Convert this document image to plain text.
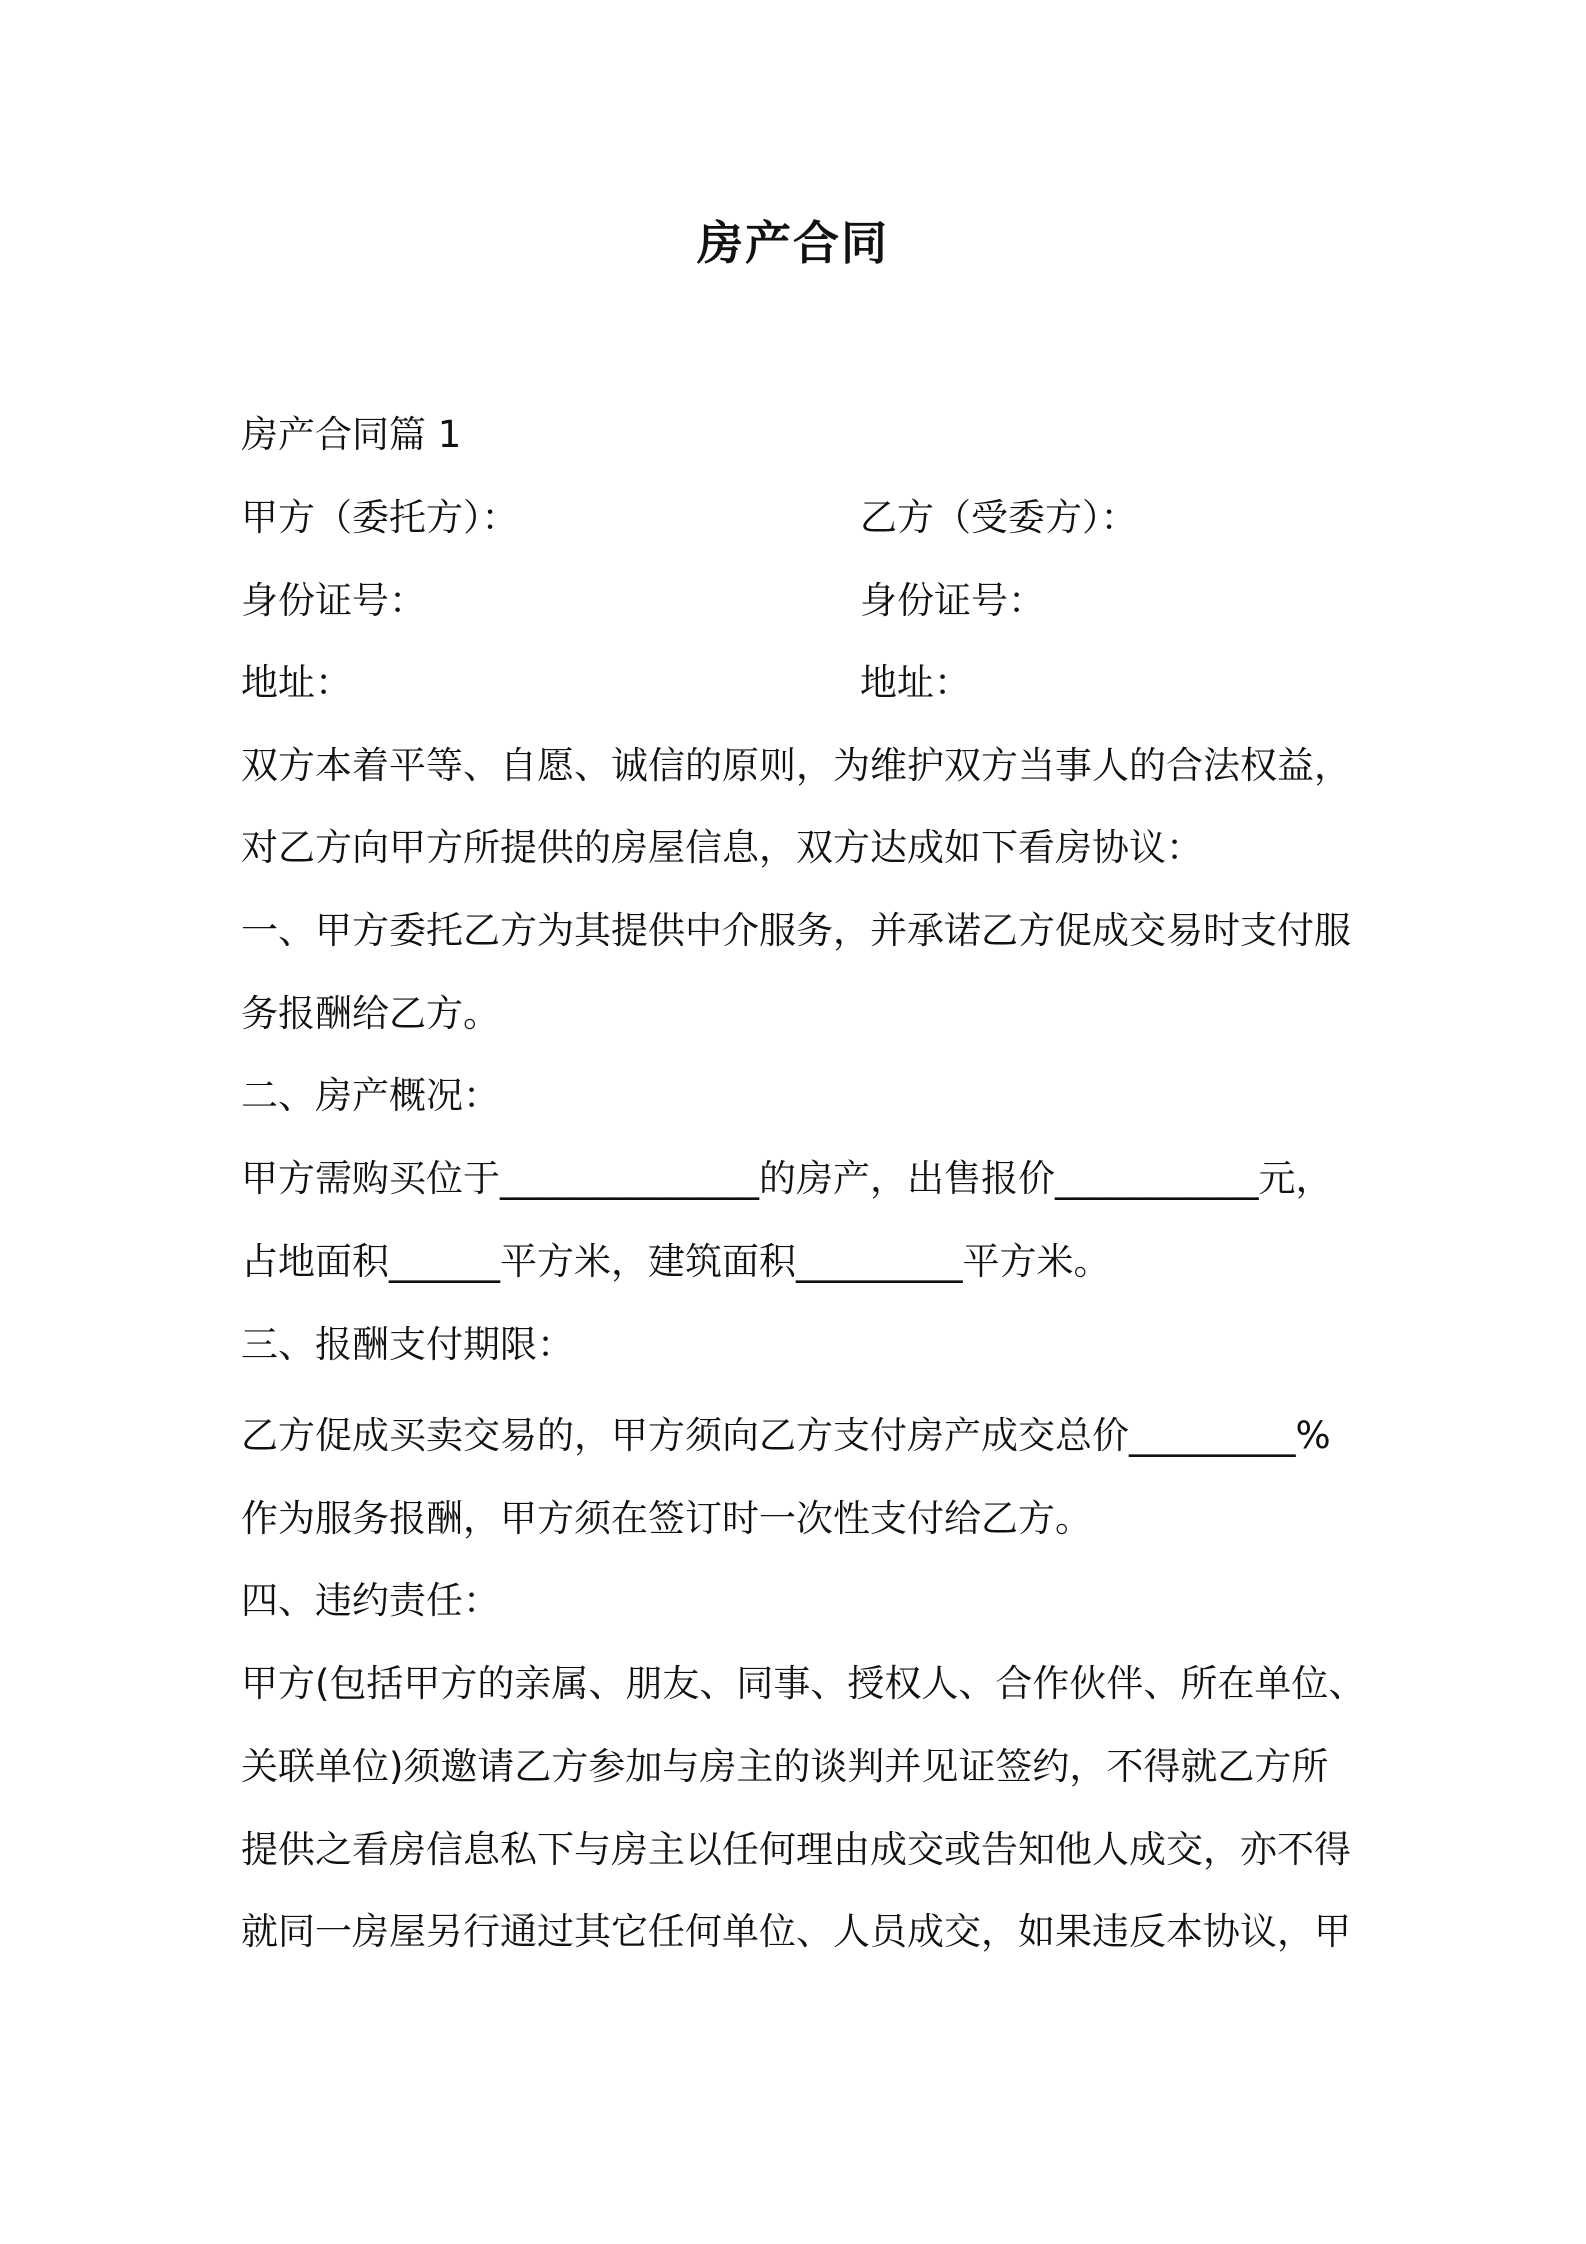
房产合同
房产合同篇 1
甲方（委托方）：	乙方（受委方）：
身份证号：	身份证号：
地址：	地址：
双方本着平等、自愿、诚信的原则，为维护双方当事人的合法权益，
对乙方向甲方所提供的房屋信息，双方达成如下看房协议：
一、甲方委托乙方为其提供中介服务，并承诺乙方促成交易时支付服
务报酬给乙方。
二、房产概况：
甲方需购买位于______________的房产，出售报价___________元，
占地面积______平方米，建筑面积_________平方米。
三、报酬支付期限：
乙方促成买卖交易的，甲方须向乙方支付房产成交总价_________%
作为服务报酬，甲方须在签订时一次性支付给乙方。
四、违约责任：
甲方(包括甲方的亲属、朋友、同事、授权人、合作伙伴、所在单位、
关联单位)须邀请乙方参加与房主的谈判并见证签约，不得就乙方所
提供之看房信息私下与房主以任何理由成交或告知他人成交，亦不得
就同一房屋另行通过其它任何单位、人员成交，如果违反本协议，甲
